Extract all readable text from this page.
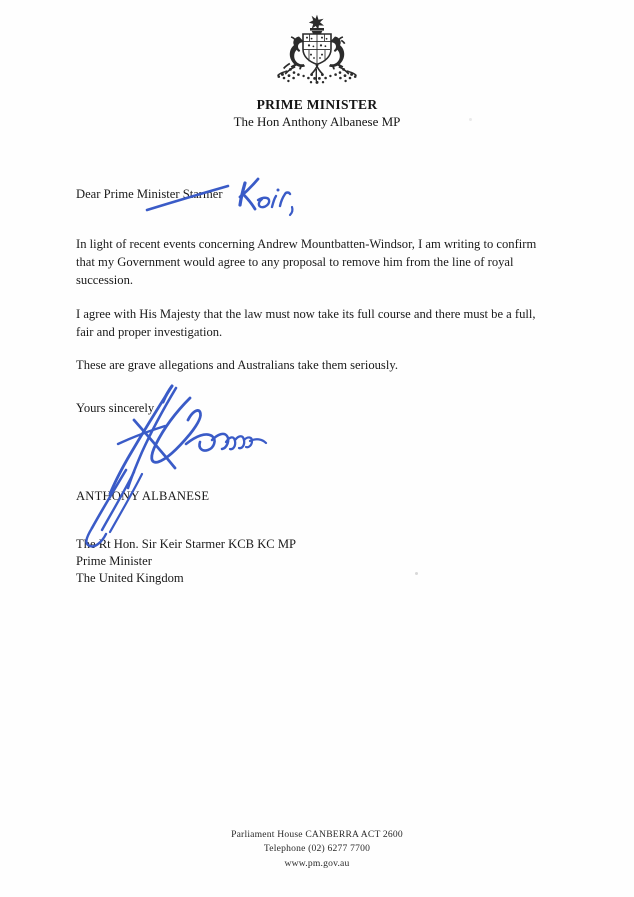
PRIME MINISTER
The Hon Anthony Albanese MP
Dear Prime Minister Starmer

In light of recent events concerning Andrew Mountbatten-Windsor, I am writing to confirm that my Government would agree to any proposal to remove him from the line of royal succession.

I agree with His Majesty that the law must now take its full course and there must be a full, fair and proper investigation.

These are grave allegations and Australians take them seriously.

Yours sincerely
ANTHONY ALBANESE
The Rt Hon. Sir Keir Starmer KCB KC MP
Prime Minister
The United Kingdom
Parliament House CANBERRA ACT 2600
Telephone (02) 6277 7700
www.pm.gov.au
